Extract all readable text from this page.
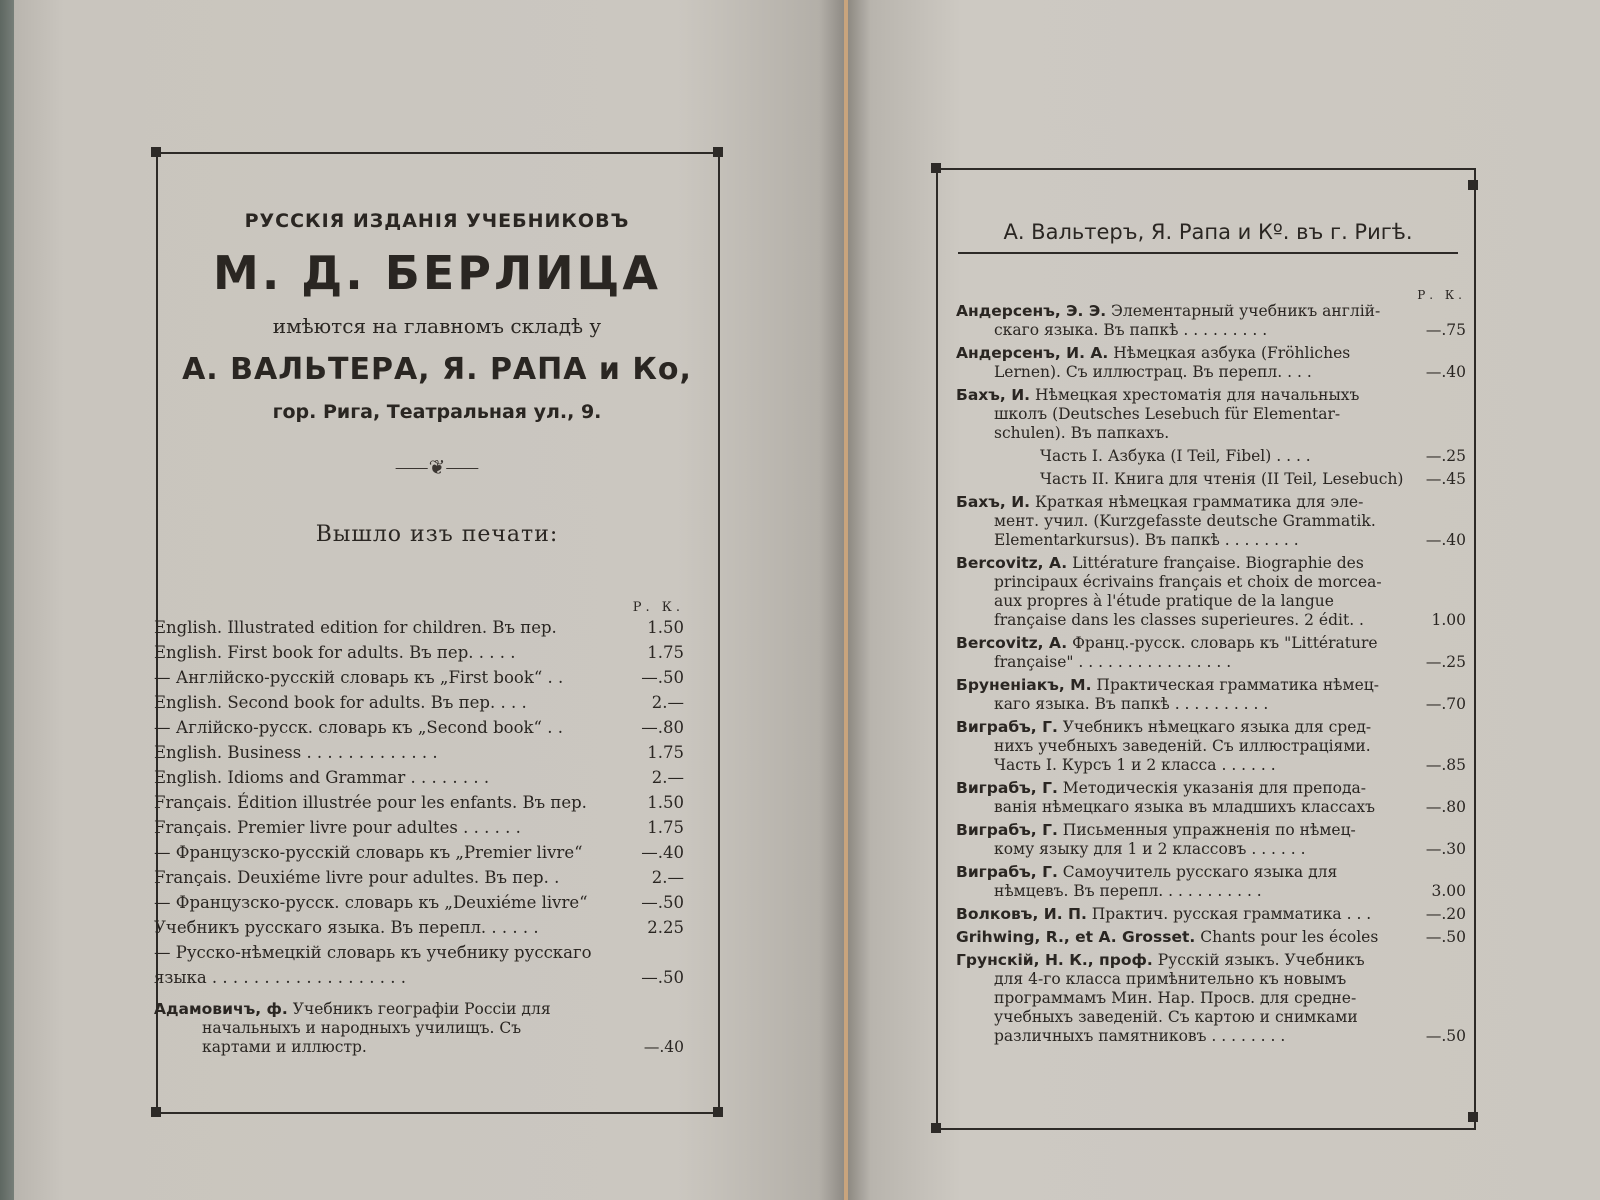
РУССКІЯ ИЗДАНІЯ УЧЕБНИКОВЪ
М. Д. БЕРЛИЦА
имѣются на главномъ складѣ у
А. ВАЛЬТЕРА, Я. РАПА и Ко,
гор. Рига, Театральная ул., 9.
⸺❦⸺
Вышло изъ печати:
Р. К.
English. Illustrated edition for children. Въ пер.	1.50
English. First book for adults. Въ пер. . . . .	1.75
— Англійско-русскій словарь къ „First book“ . .	—.50
English. Second book for adults. Въ пер. . . .	2.—
— Аглійско-русск. словарь къ „Second book“ . .	—.80
English. Business . . . . . . . . . . . . .	1.75
English. Idioms and Grammar . . . . . . . .	2.—
Français. Édition illustrée pour les enfants. Въ пер.	1.50
Français. Premier livre pour adultes . . . . . .	1.75
— Французско-русскій словарь къ „Premier livre“	—.40
Français. Deuxiéme livre pour adultes. Въ пер. .	2.—
— Французско-русск. словарь къ „Deuxiéme livre“	—.50
Учебникъ русскаго языка. Въ перепл. . . . . .	2.25
— Русско-нѣмецкій словарь къ учебнику русскаго
языка . . . . . . . . . . . . . . . . . . .	—.50
Адамовичъ, ф. Учебникъ географіи Россіи для
начальныхъ и народныхъ училищъ. Съ
картами и иллюстр.	—.40
А. Вальтеръ, Я. Рапа и Кº. въ г. Ригѣ.
Р. К.
Андерсенъ, Э. Э. Элементарный учебникъ англій-
скаго языка. Въ папкѣ . . . . . . . . .	—.75
Андерсенъ, И. А. Нѣмецкая азбука (Fröhliches
Lernen). Съ иллюстрац. Въ перепл. . . .	—.40
Бахъ, И. Нѣмецкая хрестоматія для начальныхъ
школъ (Deutsches Lesebuch für Elementar-
schulen). Въ папкахъ.
Часть I. Азбука (I Teil, Fibel) . . . .	—.25
Часть II. Книга для чтенія (II Teil, Lesebuch)	—.45
Бахъ, И. Краткая нѣмецкая грамматика для эле-
мент. учил. (Kurzgefasste deutsche Grammatik.
Elementarkursus). Въ папкѣ . . . . . . . .	—.40
Bercovitz, A. Littérature française. Biographie des
principaux écrivains français et choix de morceа-
aux propres à l'étude pratique de la langue
française dans les classes superieures. 2 édit. .	1.00
Bercovitz, A. Франц.-русск. словарь къ "Littérature
française" . . . . . . . . . . . . . . . .	—.25
Бруненіакъ, М. Практическая грамматика нѣмец-
каго языка. Въ папкѣ . . . . . . . . . .	—.70
Виграбъ, Г. Учебникъ нѣмецкаго языка для сред-
нихъ учебныхъ заведеній. Съ иллюстраціями.
Часть I. Курсъ 1 и 2 класса . . . . . .	—.85
Виграбъ, Г. Методическія указанія для препода-
ванія нѣмецкаго языка въ младшихъ классахъ	—.80
Виграбъ, Г. Письменныя упражненія по нѣмец-
кому языку для 1 и 2 классовъ . . . . . .	—.30
Виграбъ, Г. Самоучитель русскаго языка для
нѣмцевъ. Въ перепл. . . . . . . . . . .	3.00
Волковъ, И. П. Практич. русская грамматика . . .	—.20
Grihwing, R., et A. Grosset. Chants pour les écoles	—.50
Грунскій, Н. К., проф. Русскій языкъ. Учебникъ
для 4-го класса примѣнительно къ новымъ
программамъ Мин. Нар. Просв. для средне-
учебныхъ заведеній. Съ картою и снимками
различныхъ памятниковъ . . . . . . . .	—.50
